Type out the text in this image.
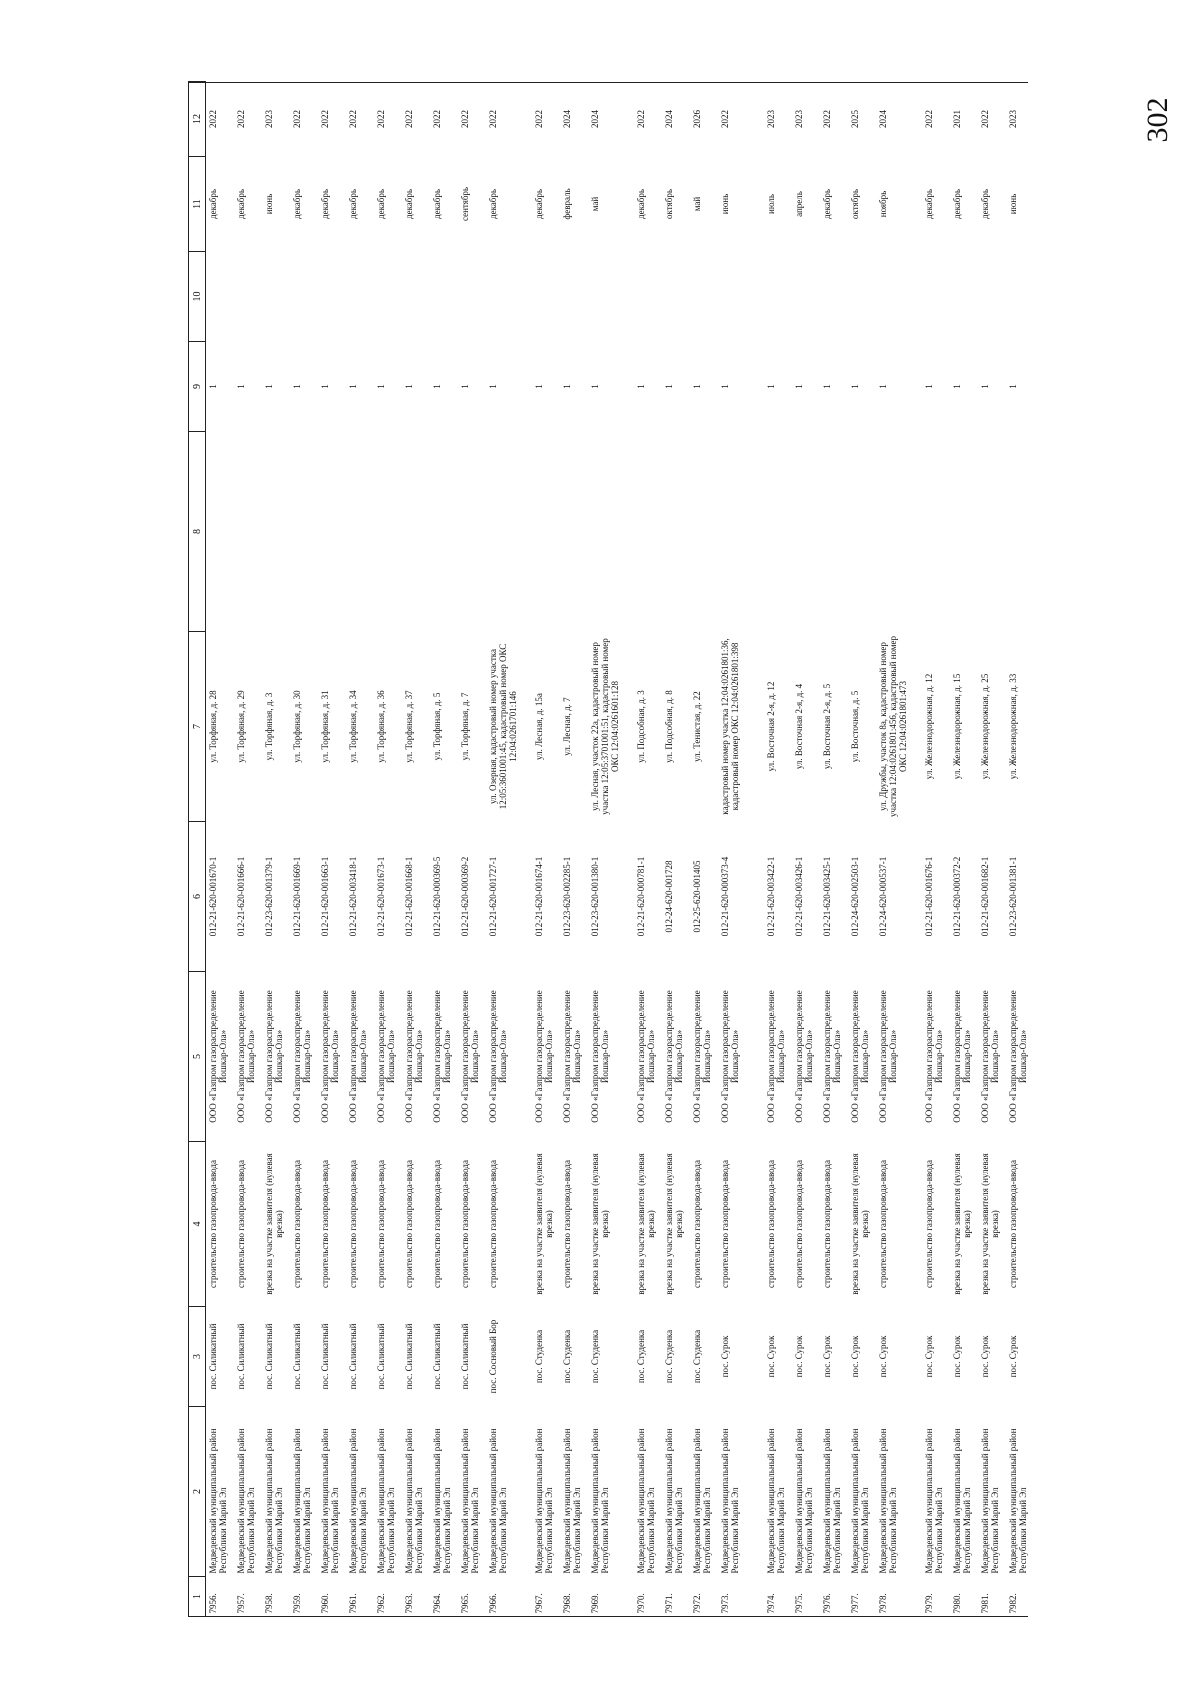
302
1	2	3	4	5	6	7	8	9	10	11	12
7956.	Медведевский муниципальный район Республики Марий Эл	пос. Силикатный	строительство газопровода-ввода	ООО «Газпром газораспределение Йошкар-Ола»	012-21-620-001670-1	ул. Торфяная, д. 28		1		декабрь	2022
7957.	Медведевский муниципальный район Республики Марий Эл	пос. Силикатный	строительство газопровода-ввода	ООО «Газпром газораспределение Йошкар-Ола»	012-21-620-001666-1	ул. Торфяная, д. 29		1		декабрь	2022
7958.	Медведевский муниципальный район Республики Марий Эл	пос. Силикатный	врезка на участке заявителя (нулевая врезка)	ООО «Газпром газораспределение Йошкар-Ола»	012-23-620-001379-1	ул. Торфяная, д. 3		1		июнь	2023
7959.	Медведевский муниципальный район Республики Марий Эл	пос. Силикатный	строительство газопровода-ввода	ООО «Газпром газораспределение Йошкар-Ола»	012-21-620-001669-1	ул. Торфяная, д. 30		1		декабрь	2022
7960.	Медведевский муниципальный район Республики Марий Эл	пос. Силикатный	строительство газопровода-ввода	ООО «Газпром газораспределение Йошкар-Ола»	012-21-620-001663-1	ул. Торфяная, д. 31		1		декабрь	2022
7961.	Медведевский муниципальный район Республики Марий Эл	пос. Силикатный	строительство газопровода-ввода	ООО «Газпром газораспределение Йошкар-Ола»	012-21-620-003418-1	ул. Торфяная, д. 34		1		декабрь	2022
7962.	Медведевский муниципальный район Республики Марий Эл	пос. Силикатный	строительство газопровода-ввода	ООО «Газпром газораспределение Йошкар-Ола»	012-21-620-001673-1	ул. Торфяная, д. 36		1		декабрь	2022
7963.	Медведевский муниципальный район Республики Марий Эл	пос. Силикатный	строительство газопровода-ввода	ООО «Газпром газораспределение Йошкар-Ола»	012-21-620-001668-1	ул. Торфяная, д. 37		1		декабрь	2022
7964.	Медведевский муниципальный район Республики Марий Эл	пос. Силикатный	строительство газопровода-ввода	ООО «Газпром газораспределение Йошкар-Ола»	012-21-620-000369-5	ул. Торфяная, д. 5		1		декабрь	2022
7965.	Медведевский муниципальный район Республики Марий Эл	пос. Силикатный	строительство газопровода-ввода	ООО «Газпром газораспределение Йошкар-Ола»	012-21-620-000369-2	ул. Торфяная, д. 7		1		сентябрь	2022
7966.	Медведевский муниципальный район Республики Марий Эл	пос. Сосновый Бор	строительство газопровода-ввода	ООО «Газпром газораспределение Йошкар-Ола»	012-21-620-001727-1	ул. Озерная, кадастровый номер участка 12:05:3601001:45, кадастровый номер ОКС 12:04:0261701:146		1		декабрь	2022

7967.	Медведевский муниципальный район Республики Марий Эл	пос. Студенка	врезка на участке заявителя (нулевая врезка)	ООО «Газпром газораспределение Йошкар-Ола»	012-21-620-001674-1	ул. Лесная, д. 15а		1		декабрь	2022
7968.	Медведевский муниципальный район Республики Марий Эл	пос. Студенка	строительство газопровода-ввода	ООО «Газпром газораспределение Йошкар-Ола»	012-23-620-002285-1	ул. Лесная, д. 7		1		февраль	2024
7969.	Медведевский муниципальный район Республики Марий Эл	пос. Студенка	врезка на участке заявителя (нулевая врезка)	ООО «Газпром газораспределение Йошкар-Ола»	012-23-620-001380-1	ул. Лесная, участок 22а, кадастровый номер участка 12:05:3701001:51, кадастровый номер ОКС 12:04:0261601:128		1		май	2024

7970.	Медведевский муниципальный район Республики Марий Эл	пос. Студенка	врезка на участке заявителя (нулевая врезка)	ООО «Газпром газораспределение Йошкар-Ола»	012-21-620-000781-1	ул. Подсобная, д. 3		1		декабрь	2022
7971.	Медведевский муниципальный район Республики Марий Эл	пос. Студенка	врезка на участке заявителя (нулевая врезка)	ООО «Газпром газораспределение Йошкар-Ола»	012-24-620-001728	ул. Подсобная, д. 8		1		октябрь	2024
7972.	Медведевский муниципальный район Республики Марий Эл	пос. Студенка	строительство газопровода-ввода	ООО «Газпром газораспределение Йошкар-Ола»	012-25-620-001405	ул. Тенистая, д. 22		1		май	2026
7973.	Медведевский муниципальный район Республики Марий Эл	пос. Сурок	строительство газопровода-ввода	ООО «Газпром газораспределение Йошкар-Ола»	012-21-620-000373-4	кадастровый номер участка 12:04:0261801:36, кадастровый номер ОКС 12:04:0261801:398		1		июнь	2022

7974.	Медведевский муниципальный район Республики Марий Эл	пос. Сурок	строительство газопровода-ввода	ООО «Газпром газораспределение Йошкар-Ола»	012-21-620-003422-1	ул. Восточная 2-я, д. 12		1		июль	2023
7975.	Медведевский муниципальный район Республики Марий Эл	пос. Сурок	строительство газопровода-ввода	ООО «Газпром газораспределение Йошкар-Ола»	012-21-620-003426-1	ул. Восточная 2-я, д. 4		1		апрель	2023
7976.	Медведевский муниципальный район Республики Марий Эл	пос. Сурок	строительство газопровода-ввода	ООО «Газпром газораспределение Йошкар-Ола»	012-21-620-003425-1	ул. Восточная 2-я, д. 5		1		декабрь	2022
7977.	Медведевский муниципальный район Республики Марий Эл	пос. Сурок	врезка на участке заявителя (нулевая врезка)	ООО «Газпром газораспределение Йошкар-Ола»	012-24-620-002503-1	ул. Восточная, д. 5		1		октябрь	2025
7978.	Медведевский муниципальный район Республики Марий Эл	пос. Сурок	строительство газопровода-ввода	ООО «Газпром газораспределение Йошкар-Ола»	012-24-620-000537-1	ул. Дружбы, участок 8а, кадастровый номер участка 12:04:0261801:456, кадастровый номер ОКС 12:04:0261801:473		1		ноябрь	2024

7979.	Медведевский муниципальный район Республики Марий Эл	пос. Сурок	строительство газопровода-ввода	ООО «Газпром газораспределение Йошкар-Ола»	012-21-620-001676-1	ул. Железнодорожная, д. 12		1		декабрь	2022
7980.	Медведевский муниципальный район Республики Марий Эл	пос. Сурок	врезка на участке заявителя (нулевая врезка)	ООО «Газпром газораспределение Йошкар-Ола»	012-21-620-000372-2	ул. Железнодорожная, д. 15		1		декабрь	2021
7981.	Медведевский муниципальный район Республики Марий Эл	пос. Сурок	врезка на участке заявителя (нулевая врезка)	ООО «Газпром газораспределение Йошкар-Ола»	012-21-620-001682-1	ул. Железнодорожная, д. 25		1		декабрь	2022
7982.	Медведевский муниципальный район Республики Марий Эл	пос. Сурок	строительство газопровода-ввода	ООО «Газпром газораспределение Йошкар-Ола»	012-23-620-001381-1	ул. Железнодорожная, д. 33		1		июнь	2023
